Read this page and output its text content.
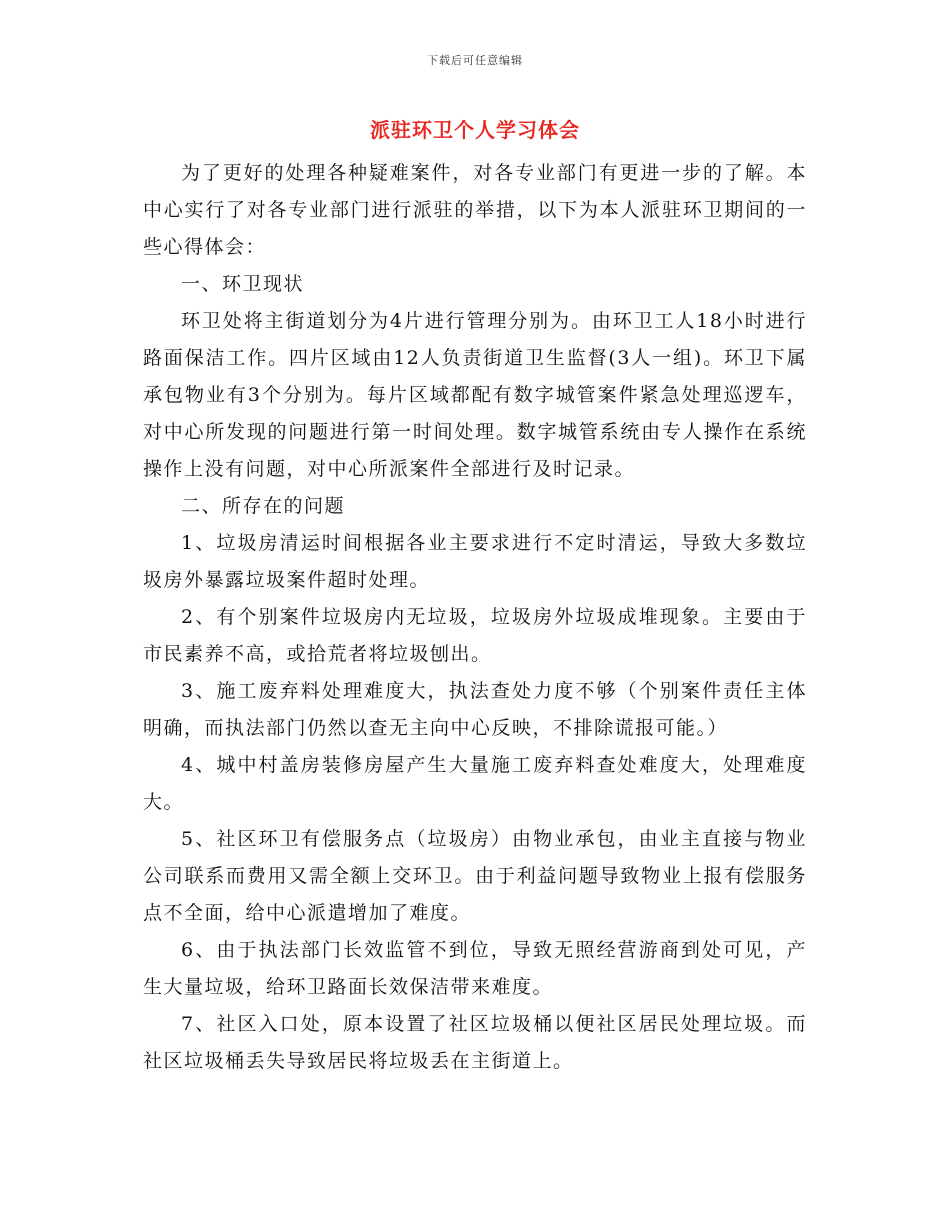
下载后可任意编辑
派驻环卫个人学习体会

为了更好的处理各种疑难案件，对各专业部门有更进一步的了解。本中心实行了对各专业部门进行派驻的举措，以下为本人派驻环卫期间的一些心得体会：

一、环卫现状

环卫处将主街道划分为4片进行管理分别为。由环卫工人18小时进行路面保洁工作。四片区域由12人负责街道卫生监督(3人一组)。环卫下属承包物业有3个分别为。每片区域都配有数字城管案件紧急处理巡逻车，对中心所发现的问题进行第一时间处理。数字城管系统由专人操作在系统操作上没有问题，对中心所派案件全部进行及时记录。

二、所存在的问题

1、垃圾房清运时间根据各业主要求进行不定时清运，导致大多数垃圾房外暴露垃圾案件超时处理。

2、有个别案件垃圾房内无垃圾，垃圾房外垃圾成堆现象。主要由于市民素养不高，或拾荒者将垃圾刨出。

3、施工废弃料处理难度大，执法查处力度不够（个别案件责任主体明确，而执法部门仍然以查无主向中心反映，不排除谎报可能。）

4、城中村盖房装修房屋产生大量施工废弃料查处难度大，处理难度大。

5、社区环卫有偿服务点（垃圾房）由物业承包，由业主直接与物业公司联系而费用又需全额上交环卫。由于利益问题导致物业上报有偿服务点不全面，给中心派遣增加了难度。

6、由于执法部门长效监管不到位，导致无照经营游商到处可见，产生大量垃圾，给环卫路面长效保洁带来难度。

7、社区入口处，原本设置了社区垃圾桶以便社区居民处理垃圾。而社区垃圾桶丢失导致居民将垃圾丢在主街道上。
